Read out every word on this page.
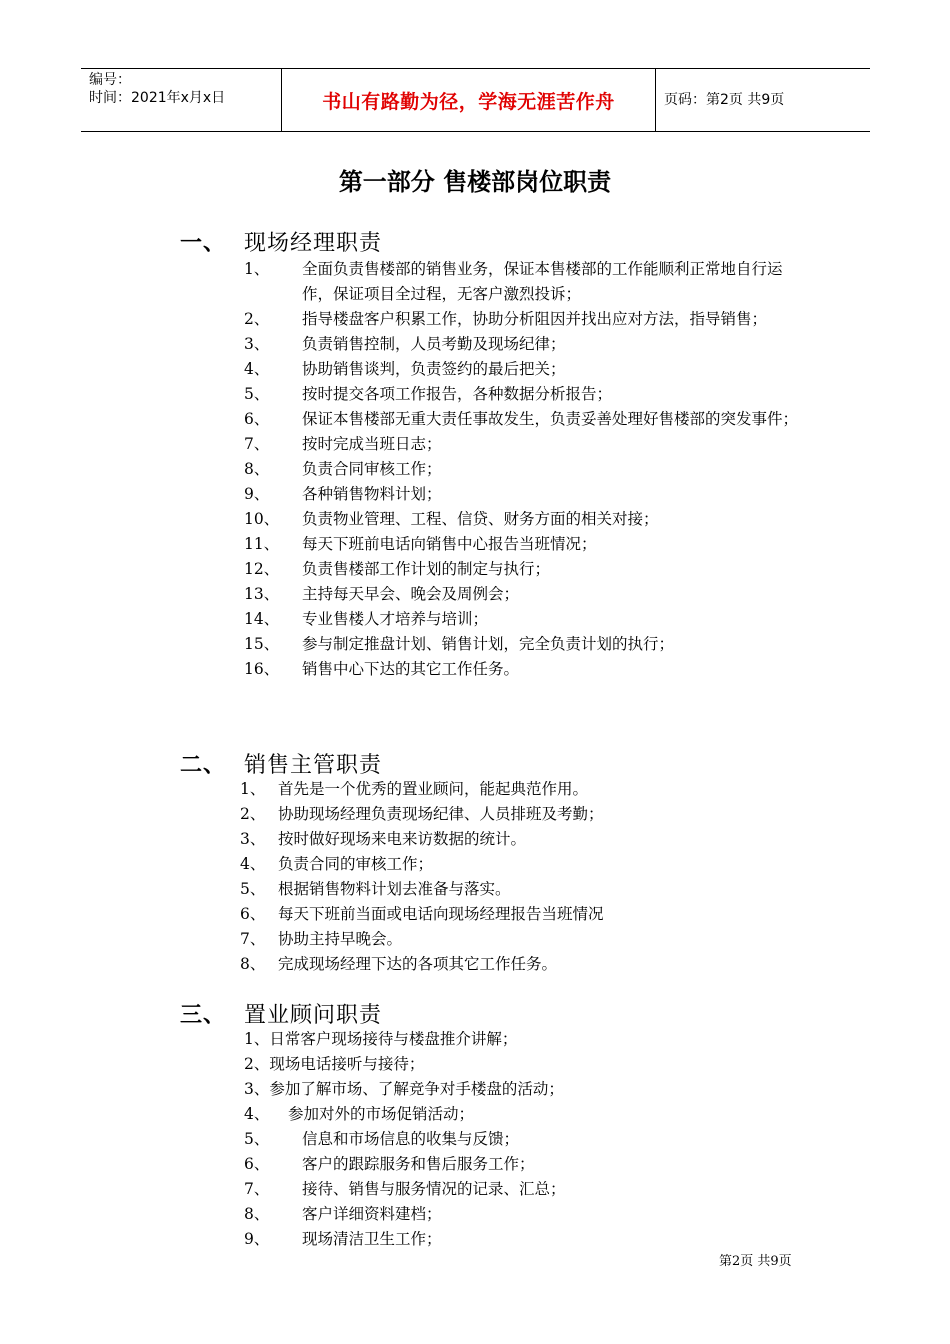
编号：
时间：2021年x月x日	书山有路勤为径，学海无涯苦作舟	页码：第2页 共9页
第一部分 售楼部岗位职责
一、 现场经理职责
1、 全面负责售楼部的销售业务，保证本售楼部的工作能顺利正常地自行运作，保证项目全过程，无客户激烈投诉；
2、 指导楼盘客户积累工作，协助分析阻因并找出应对方法，指导销售；
3、 负责销售控制，人员考勤及现场纪律；
4、 协助销售谈判，负责签约的最后把关；
5、 按时提交各项工作报告，各种数据分析报告；
6、 保证本售楼部无重大责任事故发生，负责妥善处理好售楼部的突发事件；
7、 按时完成当班日志；
8、 负责合同审核工作；
9、 各种销售物料计划；
10、 负责物业管理、工程、信贷、财务方面的相关对接；
11、 每天下班前电话向销售中心报告当班情况；
12、 负责售楼部工作计划的制定与执行；
13、 主持每天早会、晚会及周例会；
14、 专业售楼人才培养与培训；
15、 参与制定推盘计划、销售计划，完全负责计划的执行；
16、 销售中心下达的其它工作任务。
二、 销售主管职责
1、 首先是一个优秀的置业顾问，能起典范作用。
2、 协助现场经理负责现场纪律、人员排班及考勤；
3、 按时做好现场来电来访数据的统计。
4、 负责合同的审核工作；
5、 根据销售物料计划去准备与落实。
6、 每天下班前当面或电话向现场经理报告当班情况
7、 协助主持早晚会。
8、 完成现场经理下达的各项其它工作任务。
三、 置业顾问职责
1、日常客户现场接待与楼盘推介讲解；
2、现场电话接听与接待；
3、参加了解市场、了解竞争对手楼盘的活动；
4、 参加对外的市场促销活动；
5、 信息和市场信息的收集与反馈；
6、 客户的跟踪服务和售后服务工作；
7、 接待、销售与服务情况的记录、汇总；
8、 客户详细资料建档；
9、 现场清洁卫生工作；
第2页 共9页
